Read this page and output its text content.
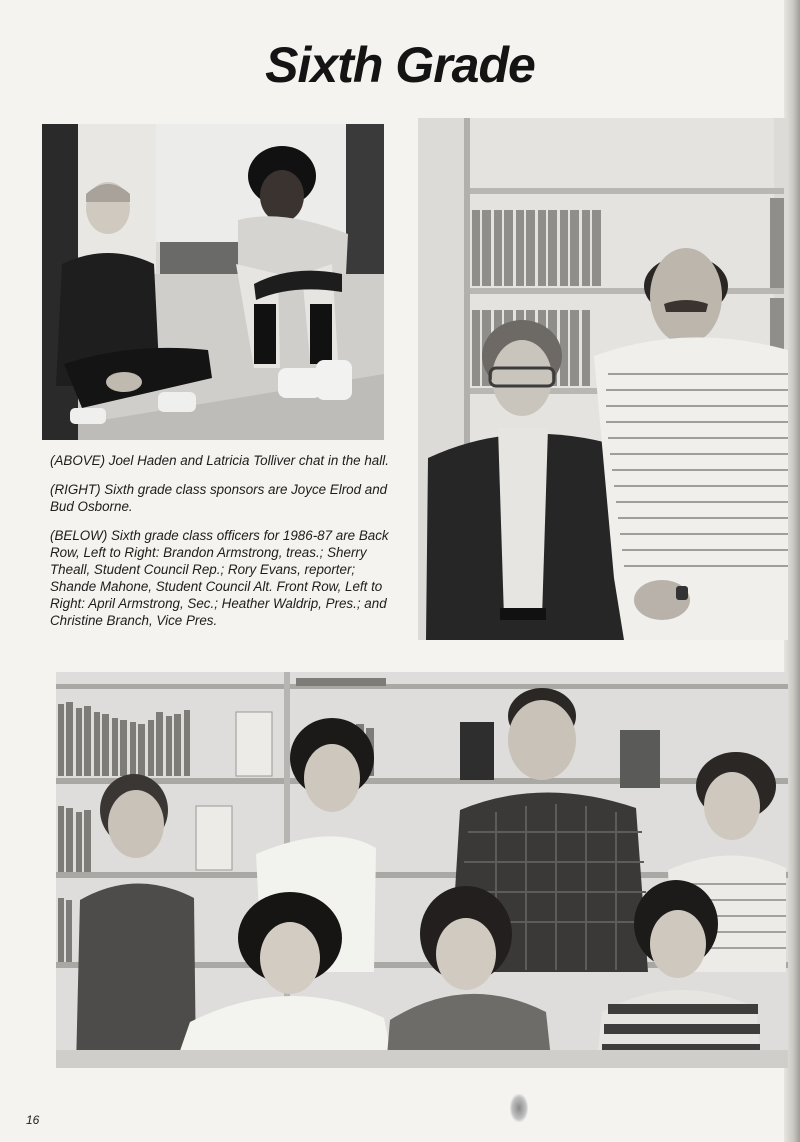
Sixth Grade

(ABOVE) Joel Haden and Latricia Tolliver chat in the hall.

(RIGHT) Sixth grade class sponsors are Joyce Elrod and Bud Osborne.

(BELOW) Sixth grade class officers for 1986-87 are Back Row, Left to Right: Brandon Armstrong, treas.; Sherry Theall, Student Council Rep.; Rory Evans, reporter; Shande Mahone, Student Council Alt. Front Row, Left to Right: April Armstrong, Sec.; Heather Waldrip, Pres.; and Christine Branch, Vice Pres.

16
